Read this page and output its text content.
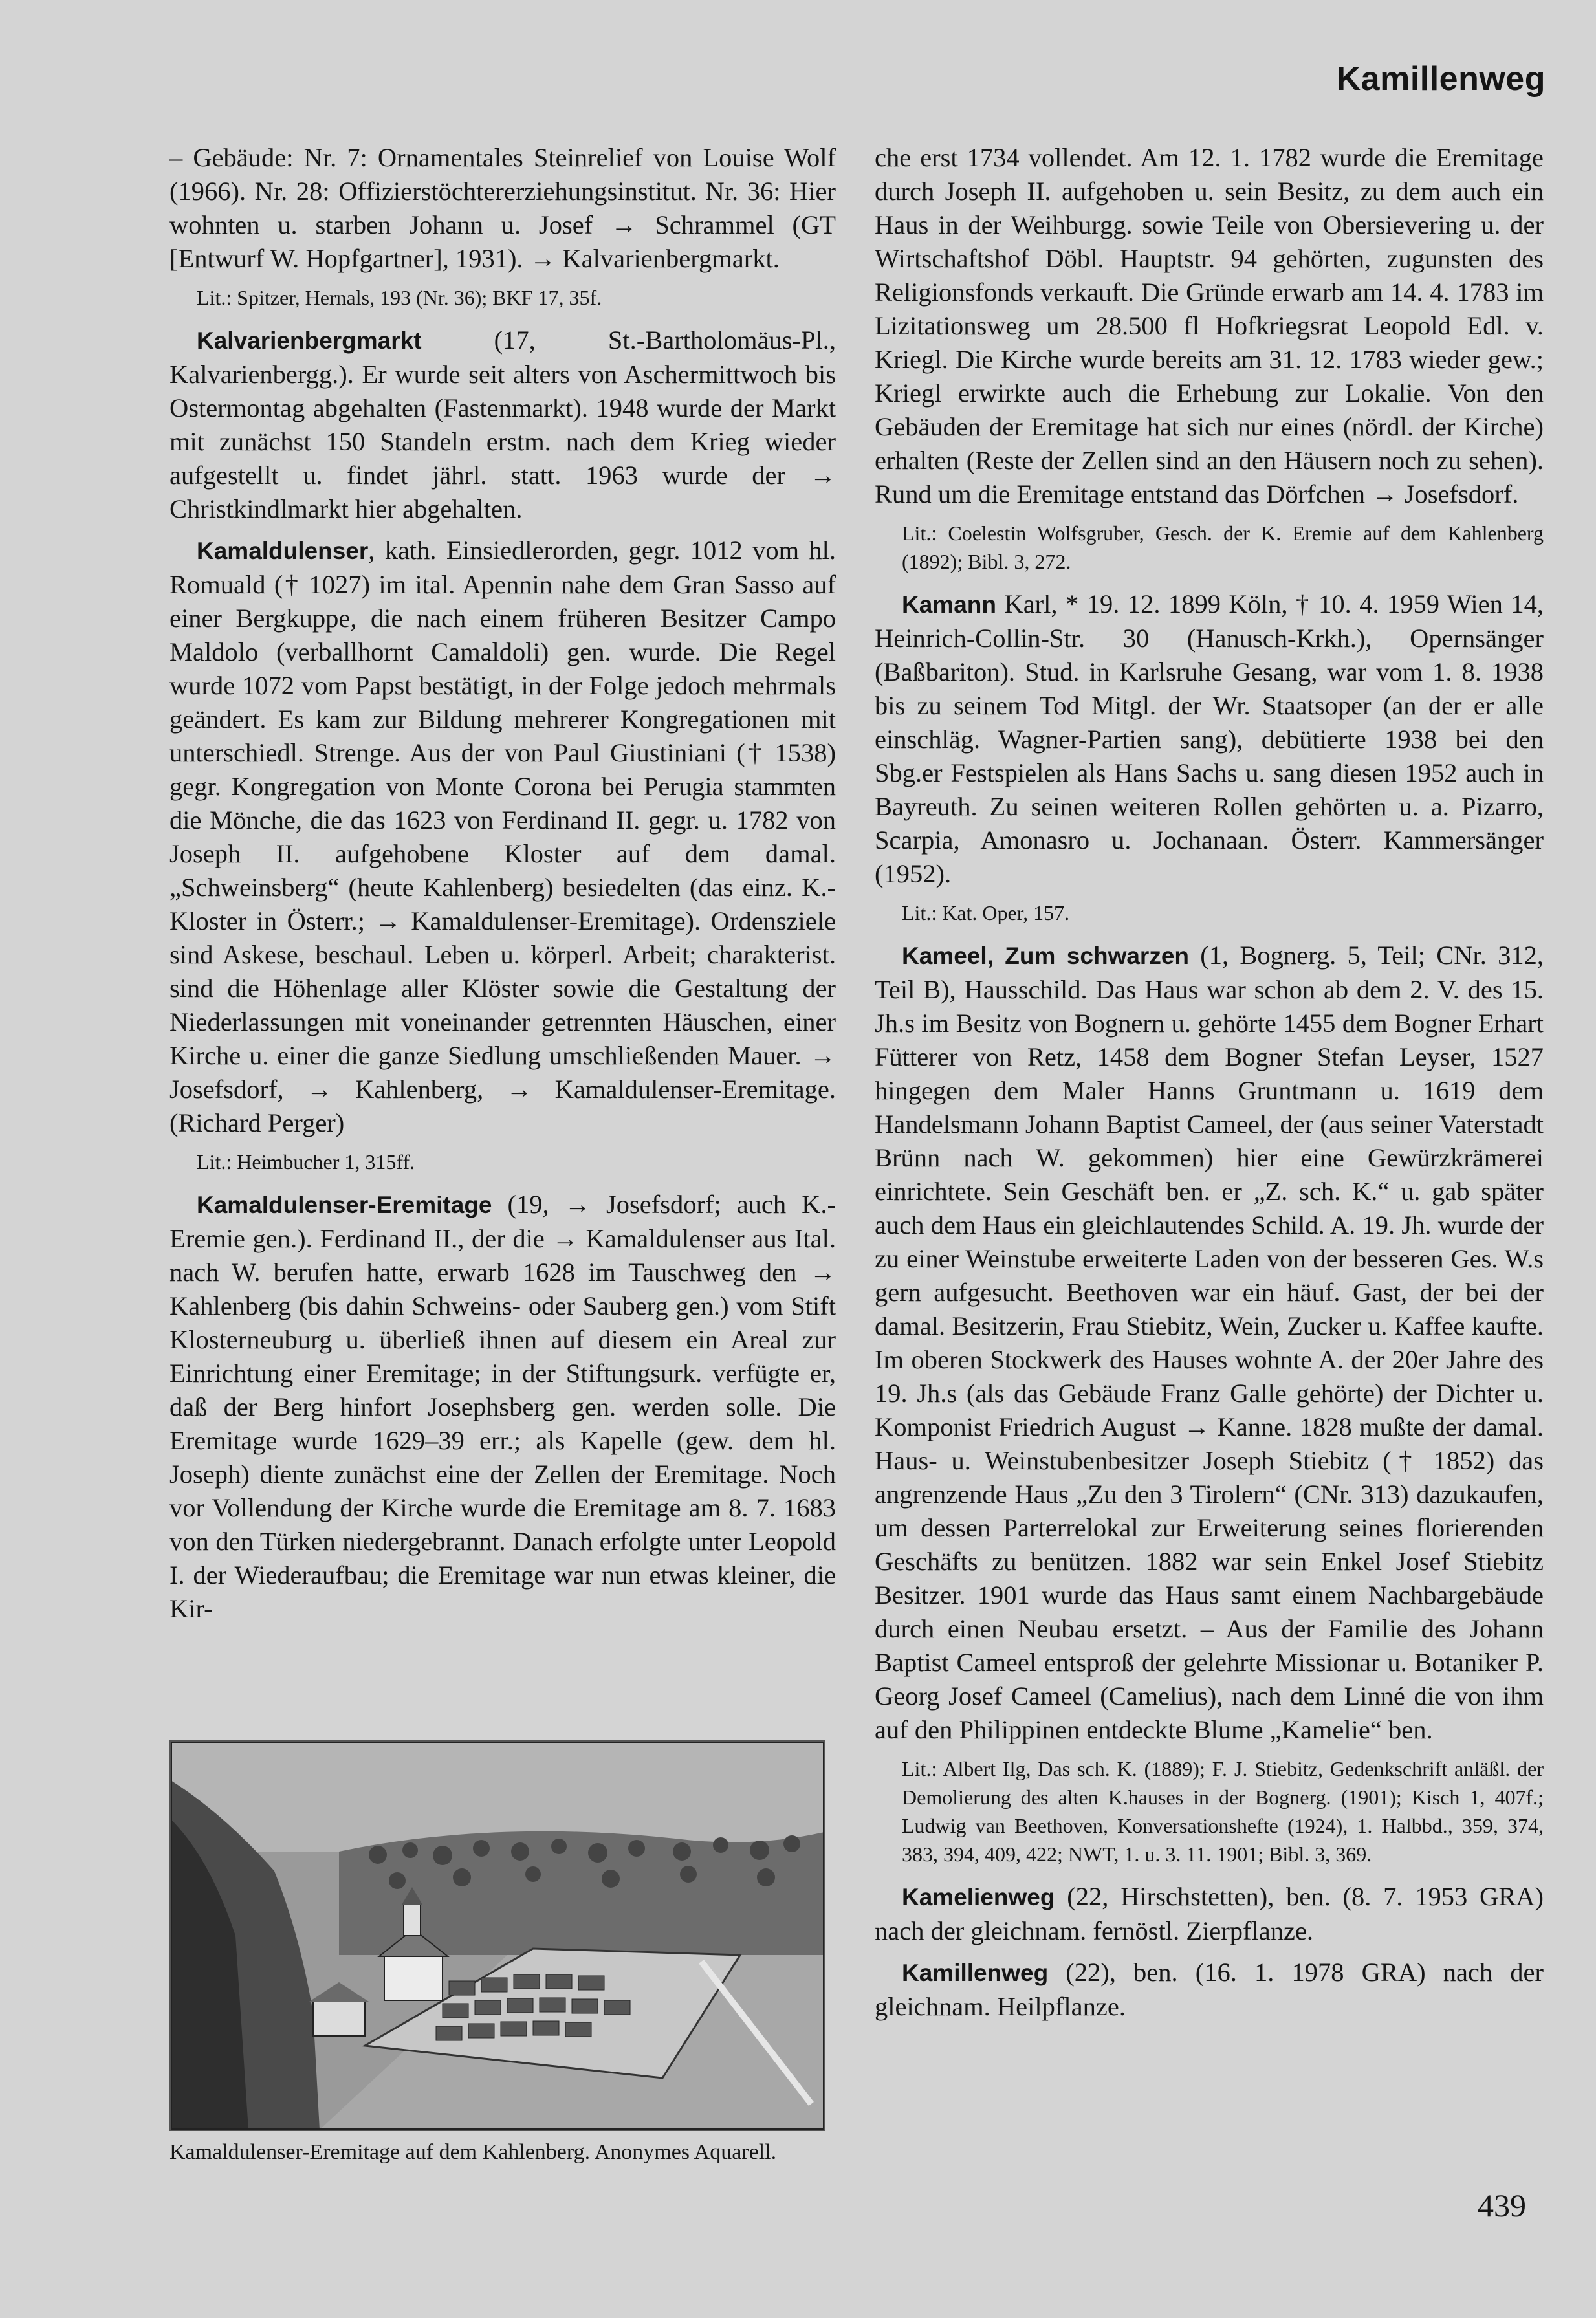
Kamillenweg

– Gebäude: Nr. 7: Ornamentales Steinrelief von Louise Wolf (1966). Nr. 28: Offizierstöchtererziehungsinstitut. Nr. 36: Hier wohnten u. starben Johann u. Josef → Schrammel (GT [Entwurf W. Hopfgartner], 1931). → Kalvarienbergmarkt.

Lit.: Spitzer, Hernals, 193 (Nr. 36); BKF 17, 35f.

Kalvarienbergmarkt (17, St.-Bartholomäus-Pl., Kalvarienbergg.). Er wurde seit alters von Aschermittwoch bis Ostermontag abgehalten (Fastenmarkt). 1948 wurde der Markt mit zunächst 150 Standeln erstm. nach dem Krieg wieder aufgestellt u. findet jährl. statt. 1963 wurde der → Christkindlmarkt hier abgehalten.

Kamaldulenser, kath. Einsiedlerorden, gegr. 1012 vom hl. Romuald († 1027) im ital. Apennin nahe dem Gran Sasso auf einer Bergkuppe, die nach einem früheren Besitzer Campo Maldolo (verballhornt Camaldoli) gen. wurde. Die Regel wurde 1072 vom Papst bestätigt, in der Folge jedoch mehrmals geändert. Es kam zur Bildung mehrerer Kongregationen mit unterschiedl. Strenge. Aus der von Paul Giustiniani († 1538) gegr. Kongregation von Monte Corona bei Perugia stammten die Mönche, die das 1623 von Ferdinand II. gegr. u. 1782 von Joseph II. aufgehobene Kloster auf dem damal. „Schweinsberg“ (heute Kahlenberg) besiedelten (das einz. K.-Kloster in Österr.; → Kamaldulenser-Eremitage). Ordensziele sind Askese, beschaul. Leben u. körperl. Arbeit; charakterist. sind die Höhenlage aller Klöster sowie die Gestaltung der Niederlassungen mit voneinander getrennten Häuschen, einer Kirche u. einer die ganze Siedlung umschließenden Mauer. → Josefsdorf, → Kahlenberg, → Kamaldulenser-Eremitage. (Richard Perger)

Lit.: Heimbucher 1, 315ff.

Kamaldulenser-Eremitage (19, → Josefsdorf; auch K.-Eremie gen.). Ferdinand II., der die → Kamaldulenser aus Ital. nach W. berufen hatte, erwarb 1628 im Tauschweg den → Kahlenberg (bis dahin Schweins- oder Sauberg gen.) vom Stift Klosterneuburg u. überließ ihnen auf diesem ein Areal zur Einrichtung einer Eremitage; in der Stiftungsurk. verfügte er, daß der Berg hinfort Josephsberg gen. werden solle. Die Eremitage wurde 1629–39 err.; als Kapelle (gew. dem hl. Joseph) diente zunächst eine der Zellen der Eremitage. Noch vor Vollendung der Kirche wurde die Eremitage am 8. 7. 1683 von den Türken niedergebrannt. Danach erfolgte unter Leopold I. der Wiederaufbau; die Eremitage war nun etwas kleiner, die Kir-

Kamaldulenser-Eremitage auf dem Kahlenberg. Anonymes Aquarell.

che erst 1734 vollendet. Am 12. 1. 1782 wurde die Eremitage durch Joseph II. aufgehoben u. sein Besitz, zu dem auch ein Haus in der Weihburgg. sowie Teile von Obersievering u. der Wirtschaftshof Döbl. Hauptstr. 94 gehörten, zugunsten des Religionsfonds verkauft. Die Gründe erwarb am 14. 4. 1783 im Lizitationsweg um 28.500 fl Hofkriegsrat Leopold Edl. v. Kriegl. Die Kirche wurde bereits am 31. 12. 1783 wieder gew.; Kriegl erwirkte auch die Erhebung zur Lokalie. Von den Gebäuden der Eremitage hat sich nur eines (nördl. der Kirche) erhalten (Reste der Zellen sind an den Häusern noch zu sehen). Rund um die Eremitage entstand das Dörfchen → Josefsdorf.

Lit.: Coelestin Wolfsgruber, Gesch. der K. Eremie auf dem Kahlenberg (1892); Bibl. 3, 272.

Kamann Karl, * 19. 12. 1899 Köln, † 10. 4. 1959 Wien 14, Heinrich-Collin-Str. 30 (Hanusch-Krkh.), Opernsänger (Baßbariton). Stud. in Karlsruhe Gesang, war vom 1. 8. 1938 bis zu seinem Tod Mitgl. der Wr. Staatsoper (an der er alle einschläg. Wagner-Partien sang), debütierte 1938 bei den Sbg.er Festspielen als Hans Sachs u. sang diesen 1952 auch in Bayreuth. Zu seinen weiteren Rollen gehörten u. a. Pizarro, Scarpia, Amonasro u. Jochanaan. Österr. Kammersänger (1952).

Lit.: Kat. Oper, 157.

Kameel, Zum schwarzen (1, Bognerg. 5, Teil; CNr. 312, Teil B), Hausschild. Das Haus war schon ab dem 2. V. des 15. Jh.s im Besitz von Bognern u. gehörte 1455 dem Bogner Erhart Fütterer von Retz, 1458 dem Bogner Stefan Leyser, 1527 hingegen dem Maler Hanns Gruntmann u. 1619 dem Handelsmann Johann Baptist Cameel, der (aus seiner Vaterstadt Brünn nach W. gekommen) hier eine Gewürzkrämerei einrichtete. Sein Geschäft ben. er „Z. sch. K.“ u. gab später auch dem Haus ein gleichlautendes Schild. A. 19. Jh. wurde der zu einer Weinstube erweiterte Laden von der besseren Ges. W.s gern aufgesucht. Beethoven war ein häuf. Gast, der bei der damal. Besitzerin, Frau Stiebitz, Wein, Zucker u. Kaffee kaufte. Im oberen Stockwerk des Hauses wohnte A. der 20er Jahre des 19. Jh.s (als das Gebäude Franz Galle gehörte) der Dichter u. Komponist Friedrich August → Kanne. 1828 mußte der damal. Haus- u. Weinstubenbesitzer Joseph Stiebitz († 1852) das angrenzende Haus „Zu den 3 Tirolern“ (CNr. 313) dazukaufen, um dessen Parterrelokal zur Erweiterung seines florierenden Geschäfts zu benützen. 1882 war sein Enkel Josef Stiebitz Besitzer. 1901 wurde das Haus samt einem Nachbargebäude durch einen Neubau ersetzt. – Aus der Familie des Johann Baptist Cameel entsproß der gelehrte Missionar u. Botaniker P. Georg Josef Cameel (Camelius), nach dem Linné die von ihm auf den Philippinen entdeckte Blume „Kamelie“ ben.

Lit.: Albert Ilg, Das sch. K. (1889); F. J. Stiebitz, Gedenkschrift anläßl. der Demolierung des alten K.hauses in der Bognerg. (1901); Kisch 1, 407f.; Ludwig van Beethoven, Konversationshefte (1924), 1. Halbbd., 359, 374, 383, 394, 409, 422; NWT, 1. u. 3. 11. 1901; Bibl. 3, 369.

Kamelienweg (22, Hirschstetten), ben. (8. 7. 1953 GRA) nach der gleichnam. fernöstl. Zierpflanze.

Kamillenweg (22), ben. (16. 1. 1978 GRA) nach der gleichnam. Heilpflanze.

439
